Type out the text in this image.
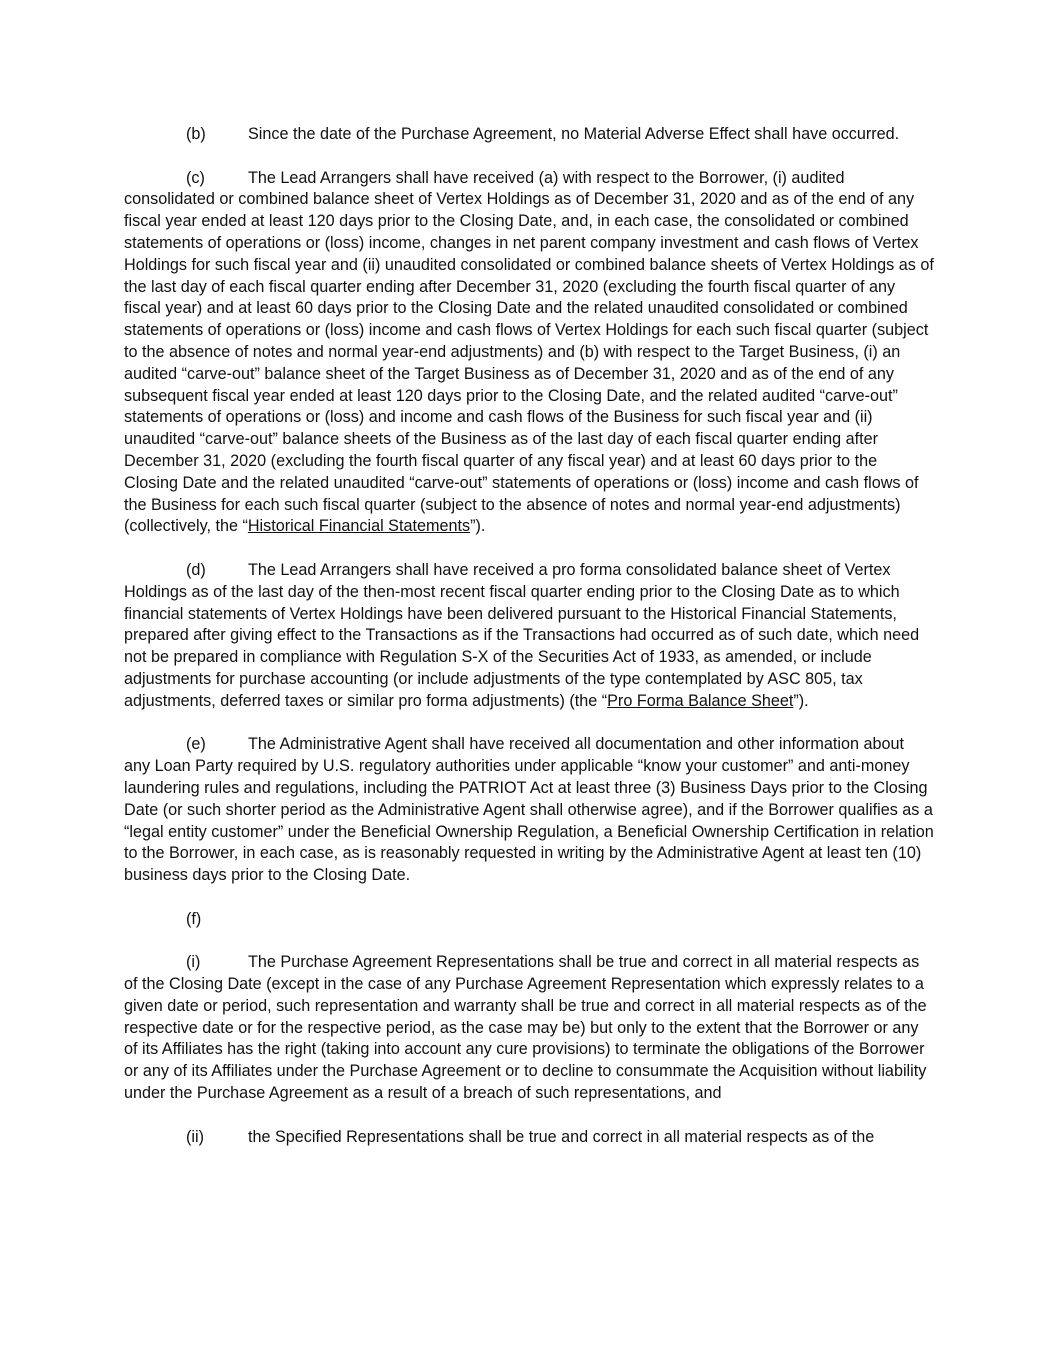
(b)	Since the date of the Purchase Agreement, no Material Adverse Effect shall have occurred.

(c)	The Lead Arrangers shall have received (a) with respect to the Borrower, (i) audited consolidated or combined balance sheet of Vertex Holdings as of December 31, 2020 and as of the end of any fiscal year ended at least 120 days prior to the Closing Date, and, in each case, the consolidated or combined statements of operations or (loss) income, changes in net parent company investment and cash flows of Vertex Holdings for such fiscal year and (ii) unaudited consolidated or combined balance sheets of Vertex Holdings as of the last day of each fiscal quarter ending after December 31, 2020 (excluding the fourth fiscal quarter of any fiscal year) and at least 60 days prior to the Closing Date and the related unaudited consolidated or combined statements of operations or (loss) income and cash flows of Vertex Holdings for each such fiscal quarter (subject to the absence of notes and normal year-end adjustments) and (b) with respect to the Target Business, (i) an audited “carve-out” balance sheet of the Target Business as of December 31, 2020 and as of the end of any subsequent fiscal year ended at least 120 days prior to the Closing Date, and the related audited “carve-out” statements of operations or (loss) and income and cash flows of the Business for such fiscal year and (ii) unaudited “carve-out” balance sheets of the Business as of the last day of each fiscal quarter ending after December 31, 2020 (excluding the fourth fiscal quarter of any fiscal year) and at least 60 days prior to the Closing Date and the related unaudited “carve-out” statements of operations or (loss) income and cash flows of the Business for each such fiscal quarter (subject to the absence of notes and normal year-end adjustments) (collectively, the “Historical Financial Statements”).

(d)	The Lead Arrangers shall have received a pro forma consolidated balance sheet of Vertex Holdings as of the last day of the then-most recent fiscal quarter ending prior to the Closing Date as to which financial statements of Vertex Holdings have been delivered pursuant to the Historical Financial Statements, prepared after giving effect to the Transactions as if the Transactions had occurred as of such date, which need not be prepared in compliance with Regulation S-X of the Securities Act of 1933, as amended, or include adjustments for purchase accounting (or include adjustments of the type contemplated by ASC 805, tax adjustments, deferred taxes or similar pro forma adjustments) (the “Pro Forma Balance Sheet”).

(e)	The Administrative Agent shall have received all documentation and other information about any Loan Party required by U.S. regulatory authorities under applicable “know your customer” and anti-money laundering rules and regulations, including the PATRIOT Act at least three (3) Business Days prior to the Closing Date (or such shorter period as the Administrative Agent shall otherwise agree), and if the Borrower qualifies as a “legal entity customer” under the Beneficial Ownership Regulation, a Beneficial Ownership Certification in relation to the Borrower, in each case, as is reasonably requested in writing by the Administrative Agent at least ten (10) business days prior to the Closing Date.

(f)

(i)	The Purchase Agreement Representations shall be true and correct in all material respects as of the Closing Date (except in the case of any Purchase Agreement Representation which expressly relates to a given date or period, such representation and warranty shall be true and correct in all material respects as of the respective date or for the respective period, as the case may be) but only to the extent that the Borrower or any of its Affiliates has the right (taking into account any cure provisions) to terminate the obligations of the Borrower or any of its Affiliates under the Purchase Agreement or to decline to consummate the Acquisition without liability under the Purchase Agreement as a result of a breach of such representations, and

(ii)	the Specified Representations shall be true and correct in all material respects as of the
